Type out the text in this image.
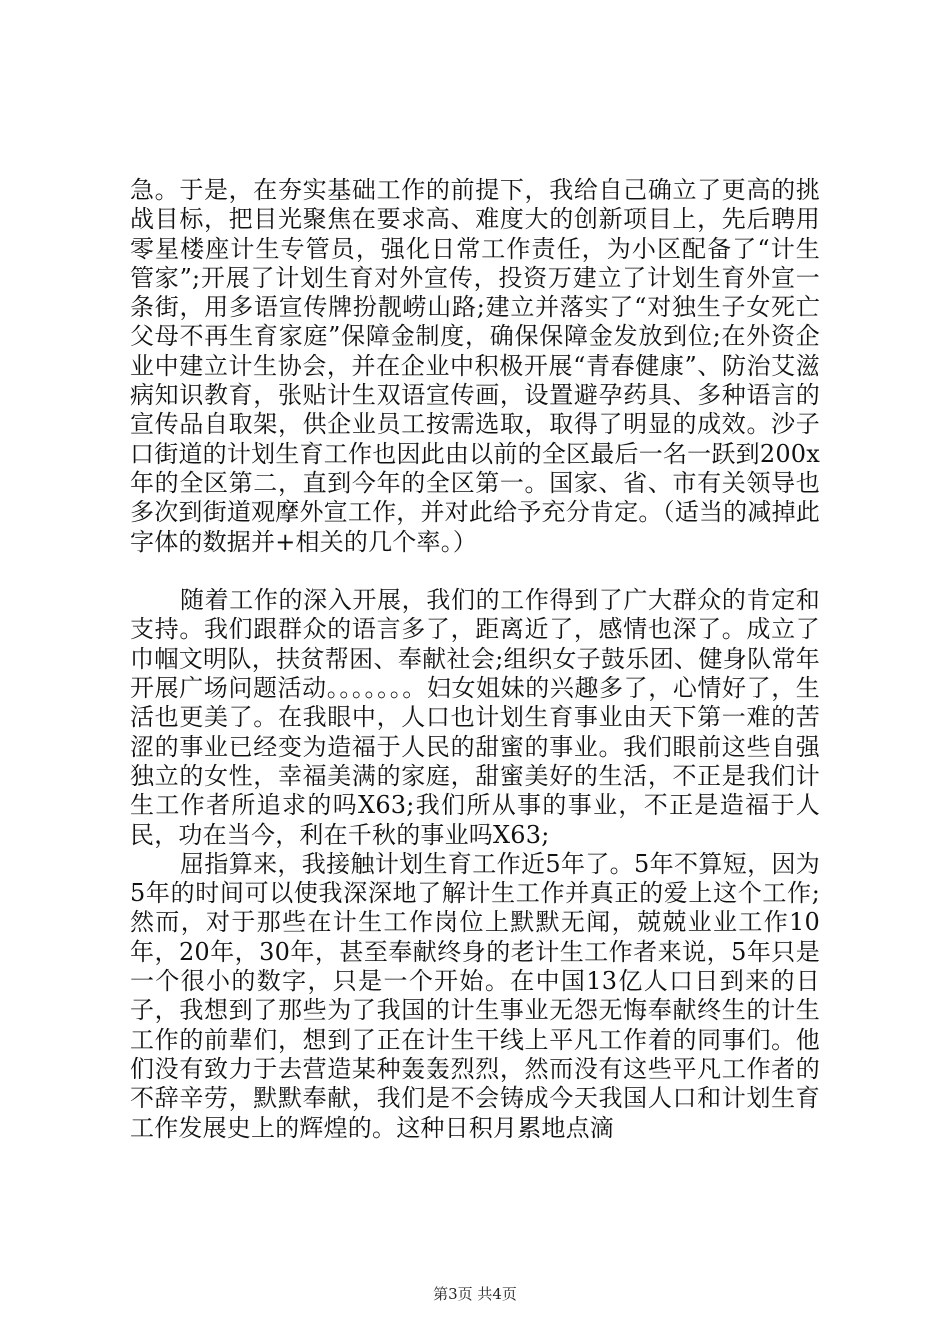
急。于是，在夯实基础工作的前提下，我给自己确立了更高的挑战目标，把目光聚焦在要求高、难度大的创新项目上，先后聘用零星楼座计生专管员，强化日常工作责任，为小区配备了“计生管家”;开展了计划生育对外宣传，投资万建立了计划生育外宣一条街，用多语宣传牌扮靓崂山路;建立并落实了“对独生子女死亡父母不再生育家庭”保障金制度，确保保障金发放到位;在外资企业中建立计生协会，并在企业中积极开展“青春健康”、防治艾滋病知识教育，张贴计生双语宣传画，设置避孕药具、多种语言的宣传品自取架，供企业员工按需选取，取得了明显的成效。沙子口街道的计划生育工作也因此由以前的全区最后一名一跃到200x年的全区第二，直到今年的全区第一。国家、省、市有关领导也多次到街道观摩外宣工作，并对此给予充分肯定。（适当的减掉此字体的数据并+相关的几个率。）

随着工作的深入开展，我们的工作得到了广大群众的肯定和支持。我们跟群众的语言多了，距离近了，感情也深了。成立了巾帼文明队，扶贫帮困、奉献社会;组织女子鼓乐团、健身队常年开展广场问题活动。。。。。。。妇女姐妹的兴趣多了，心情好了，生活也更美了。在我眼中，人口也计划生育事业由天下第一难的苦涩的事业已经变为造福于人民的甜蜜的事业。我们眼前这些自强独立的女性，幸福美满的家庭，甜蜜美好的生活，不正是我们计生工作者所追求的吗X63;我们所从事的事业，不正是造福于人民，功在当今，利在千秋的事业吗X63;

屈指算来，我接触计划生育工作近5年了。5年不算短，因为5年的时间可以使我深深地了解计生工作并真正的爱上这个工作;然而，对于那些在计生工作岗位上默默无闻，兢兢业业工作10年，20年，30年，甚至奉献终身的老计生工作者来说，5年只是一个很小的数字，只是一个开始。在中国13亿人口日到来的日子，我想到了那些为了我国的计生事业无怨无悔奉献终生的计生工作的前辈们，想到了正在计生干线上平凡工作着的同事们。他们没有致力于去营造某种轰轰烈烈，然而没有这些平凡工作者的不辞辛劳，默默奉献，我们是不会铸成今天我国人口和计划生育工作发展史上的辉煌的。这种日积月累地点滴

第3页 共4页
